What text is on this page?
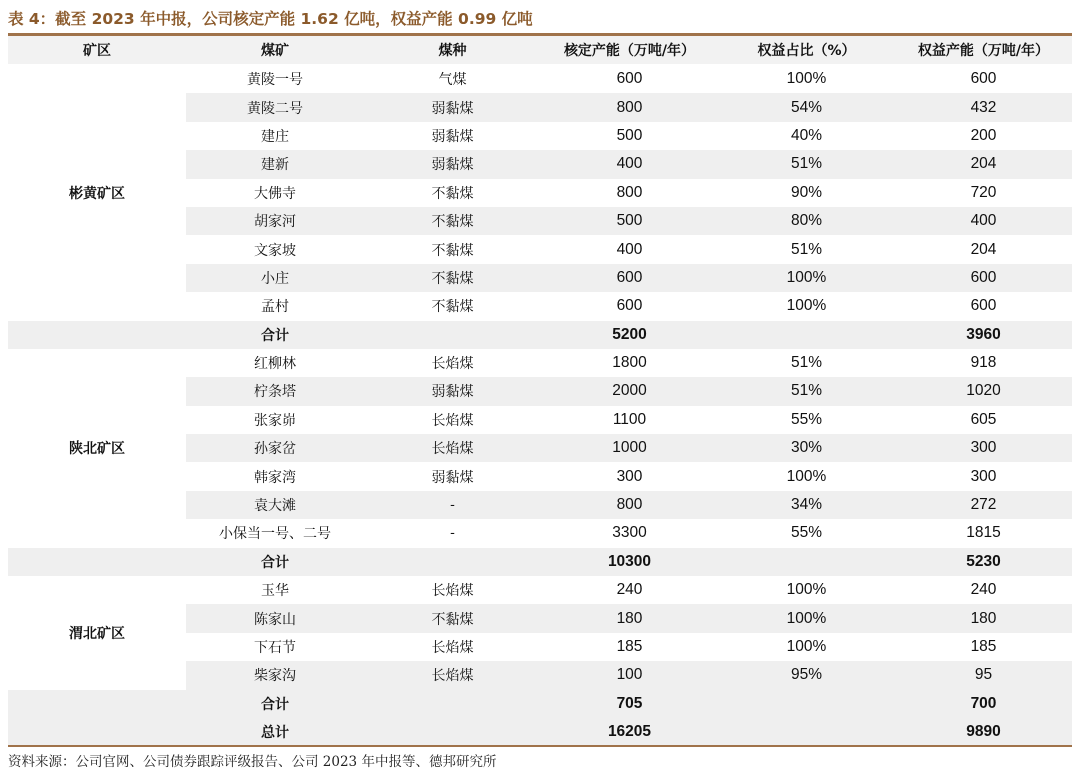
表 4：截至 2023 年中报，公司核定产能 1.62 亿吨，权益产能 0.99 亿吨
矿区	煤矿	煤种	核定产能（万吨/年）	权益占比（%）	权益产能（万吨/年）
彬黄矿区	黄陵一号	气煤	600	100%	600
	黄陵二号	弱黏煤	800	54%	432
	建庄	弱黏煤	500	40%	200
	建新	弱黏煤	400	51%	204
	大佛寺	不黏煤	800	90%	720
	胡家河	不黏煤	500	80%	400
	文家坡	不黏煤	400	51%	204
	小庄	不黏煤	600	100%	600
	孟村	不黏煤	600	100%	600
	合计		5200		3960
陕北矿区	红柳林	长焰煤	1800	51%	918
	柠条塔	弱黏煤	2000	51%	1020
	张家峁	长焰煤	1100	55%	605
	孙家岔	长焰煤	1000	30%	300
	韩家湾	弱黏煤	300	100%	300
	袁大滩	-	800	34%	272
	小保当一号、二号	-	3300	55%	1815
	合计		10300		5230
渭北矿区	玉华	长焰煤	240	100%	240
	陈家山	不黏煤	180	100%	180
	下石节	长焰煤	185	100%	185
	柴家沟	长焰煤	100	95%	95
	合计		705		700
	总计		16205		9890
资料来源：公司官网、公司债券跟踪评级报告、公司 2023 年中报等、德邦研究所
